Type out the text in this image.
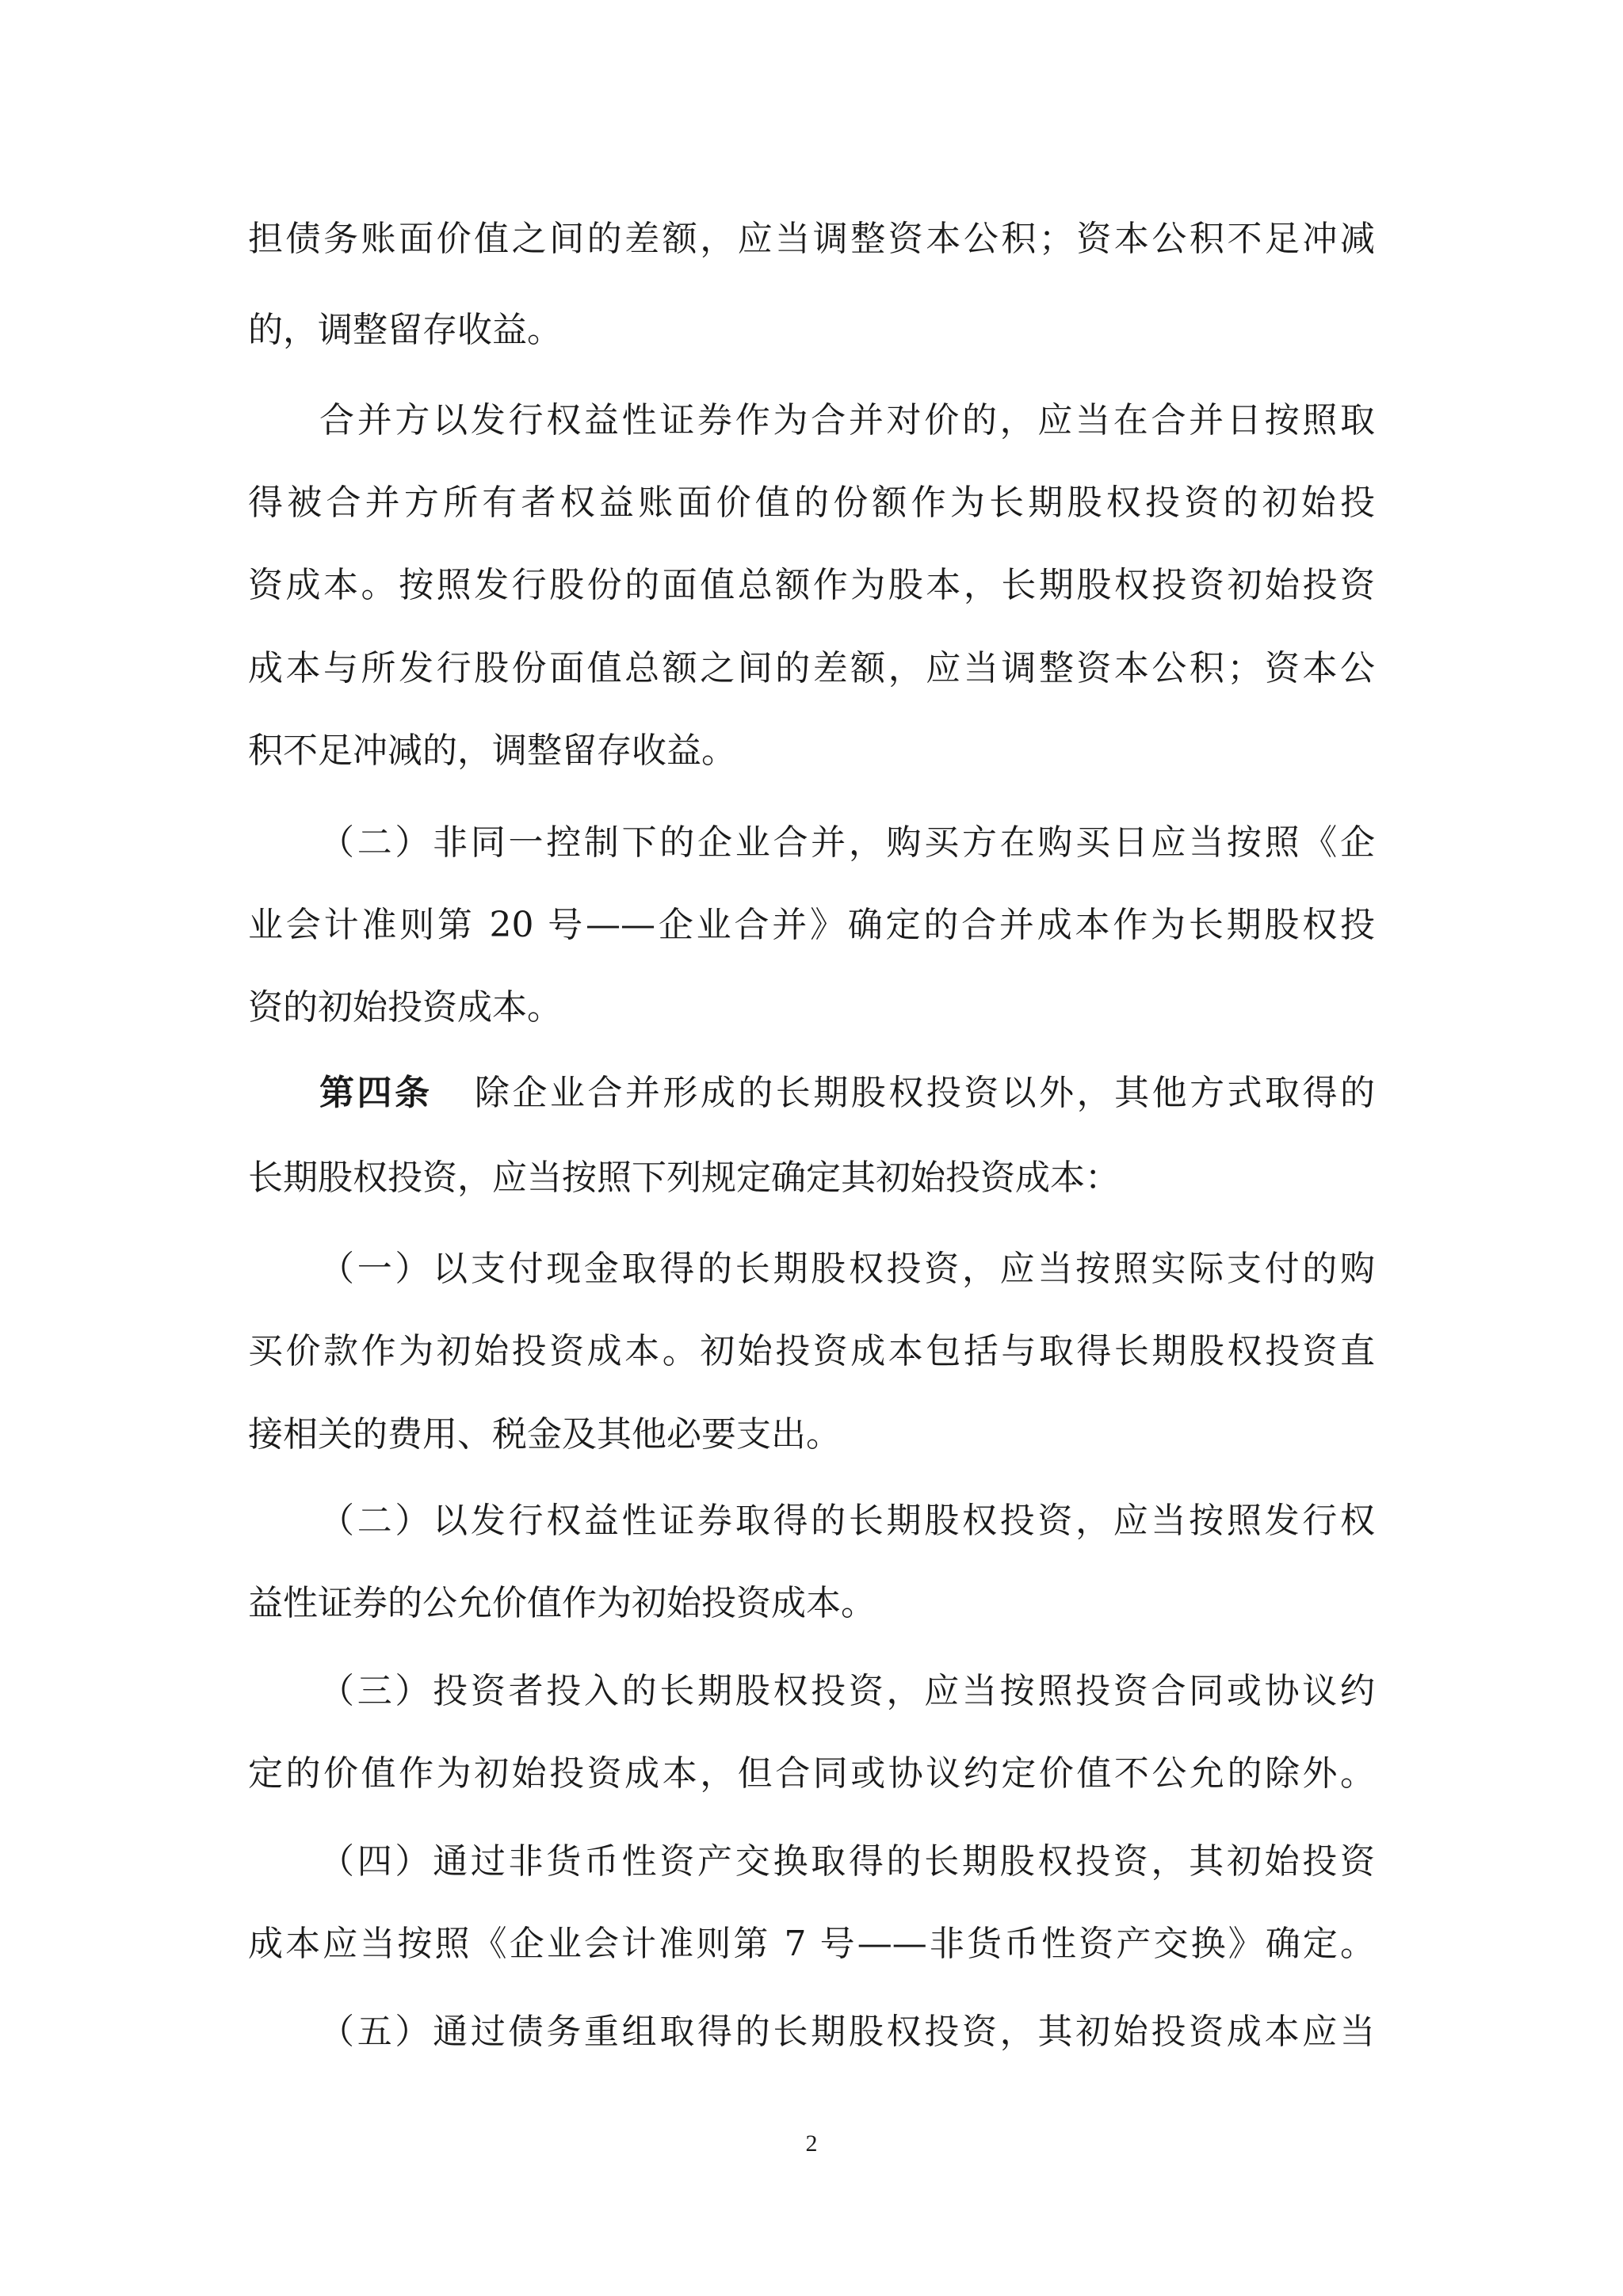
担债务账面价值之间的差额，应当调整资本公积；资本公积不足冲减
的，调整留存收益。
合并方以发行权益性证券作为合并对价的，应当在合并日按照取
得被合并方所有者权益账面价值的份额作为长期股权投资的初始投
资成本。按照发行股份的面值总额作为股本，长期股权投资初始投资
成本与所发行股份面值总额之间的差额，应当调整资本公积；资本公
积不足冲减的，调整留存收益。
（二）非同一控制下的企业合并，购买方在购买日应当按照《企
业会计准则第 20 号——企业合并》确定的合并成本作为长期股权投
资的初始投资成本。
第四条 除企业合并形成的长期股权投资以外，其他方式取得的
长期股权投资，应当按照下列规定确定其初始投资成本：
（一）以支付现金取得的长期股权投资，应当按照实际支付的购
买价款作为初始投资成本。初始投资成本包括与取得长期股权投资直
接相关的费用、税金及其他必要支出。
（二）以发行权益性证券取得的长期股权投资，应当按照发行权
益性证券的公允价值作为初始投资成本。
（三）投资者投入的长期股权投资，应当按照投资合同或协议约
定的价值作为初始投资成本，但合同或协议约定价值不公允的除外。
（四）通过非货币性资产交换取得的长期股权投资，其初始投资
成本应当按照《企业会计准则第 7 号——非货币性资产交换》确定。
（五）通过债务重组取得的长期股权投资，其初始投资成本应当
2
